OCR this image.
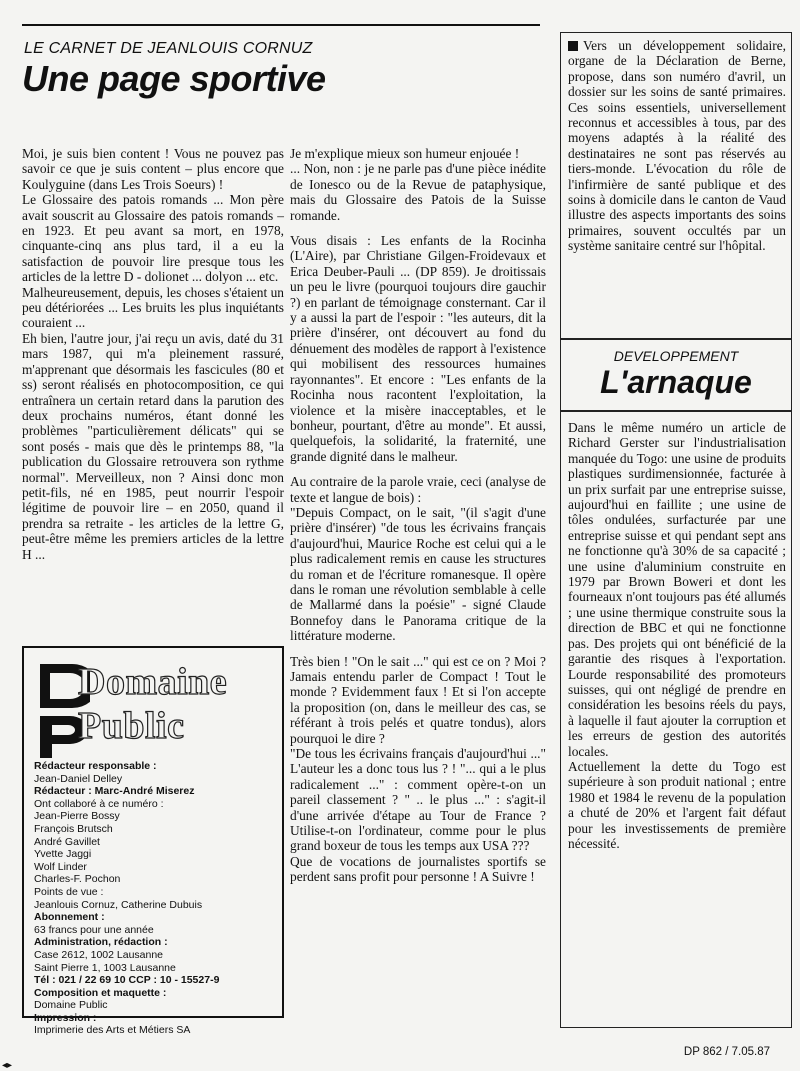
LE CARNET DE JEANLOUIS CORNUZ
Une page sportive

Moi, je suis bien content ! Vous ne pouvez pas savoir ce que je suis content – plus encore que Koulyguine (dans Les Trois Soeurs) !

Le Glossaire des patois romands ... Mon père avait souscrit au Glossaire des patois romands – en 1923. Et peu avant sa mort, en 1978, cinquante-cinq ans plus tard, il a eu la satisfaction de pouvoir lire presque tous les articles de la lettre D - dolionet ... dolyon ... etc.

Malheureusement, depuis, les choses s'étaient un peu détériorées ... Les bruits les plus inquiétants couraient ...

Eh bien, l'autre jour, j'ai reçu un avis, daté du 31 mars 1987, qui m'a pleinement rassuré, m'apprenant que désormais les fascicules (80 et ss) seront réalisés en photocomposition, ce qui entraînera un certain retard dans la parution des deux prochains numéros, étant donné les problèmes "particulièrement délicats" qui se sont posés - mais que dès le printemps 88, "la publication du Glossaire retrouvera son rythme normal". Merveilleux, non ? Ainsi donc mon petit-fils, né en 1985, peut nourrir l'espoir légitime de pouvoir lire – en 2050, quand il prendra sa retraite - les articles de la lettre G, peut-être même les premiers articles de la lettre H ...

Je m'explique mieux son humeur enjouée !

... Non, non : je ne parle pas d'une pièce inédite de Ionesco ou de la Revue de pataphysique, mais du Glossaire des Patois de la Suisse romande.

Vous disais : Les enfants de la Rocinha (L'Aire), par Christiane Gilgen-Froidevaux et Erica Deuber-Pauli ... (DP 859). Je droitissais un peu le livre (pourquoi toujours dire gauchir ?) en parlant de témoignage consternant. Car il y a aussi la part de l'espoir : "les auteurs, dit la prière d'insérer, ont découvert au fond du dénuement des modèles de rapport à l'existence qui mobilisent des ressources humaines rayonnantes". Et encore : "Les enfants de la Rocinha nous racontent l'exploitation, la violence et la misère inacceptables, et le bonheur, pourtant, d'être au monde". Et aussi, quelquefois, la solidarité, la fraternité, une grande dignité dans le malheur.

Au contraire de la parole vraie, ceci (analyse de texte et langue de bois) :

"Depuis Compact, on le sait, "(il s'agit d'une prière d'insérer) "de tous les écrivains français d'aujourd'hui, Maurice Roche est celui qui a le plus radicalement remis en cause les structures du roman et de l'écriture romanesque. Il opère dans le roman une révolution semblable à celle de Mallarmé dans la poésie" - signé Claude Bonnefoy dans le Panorama critique de la littérature moderne.

Très bien ! "On le sait ..." qui est ce on ? Moi ? Jamais entendu parler de Compact ! Tout le monde ? Evidemment faux ! Et si l'on accepte la proposition (on, dans le meilleur des cas, se référant à trois pelés et quatre tondus), alors pourquoi le dire ?

"De tous les écrivains français d'aujourd'hui ..." L'auteur les a donc tous lus ? ! "... qui a le plus radicalement ..." : comment opère-t-on un pareil classement ? " .. le plus ..." : s'agit-il d'une arrivée d'étape au Tour de France ? Utilise-t-on l'ordinateur, comme pour le plus grand boxeur de tous les temps aux USA ???

Que de vocations de journalistes sportifs se perdent sans profit pour personne ! A Suivre !

Domaine
Public
Rédacteur responsable :
Jean-Daniel Delley
Rédacteur : Marc-André Miserez
Ont collaboré à ce numéro :
Jean-Pierre Bossy
François Brutsch
André Gavillet
Yvette Jaggi
Wolf Linder
Charles-F. Pochon
Points de vue :
Jeanlouis Cornuz, Catherine Dubuis
Abonnement :
63 francs pour une année
Administration, rédaction :
Case 2612, 1002 Lausanne
Saint Pierre 1, 1003 Lausanne
Tél : 021 / 22 69 10 CCP : 10 - 15527-9
Composition et maquette :
Domaine Public
Impression :
Imprimerie des Arts et Métiers SA

Vers un développement solidaire, organe de la Déclaration de Berne, propose, dans son numéro d'avril, un dossier sur les soins de santé primaires. Ces soins essentiels, universellement reconnus et accessibles à tous, par des moyens adaptés à la réalité des destinataires ne sont pas réservés au tiers-monde. L'évocation du rôle de l'infirmière de santé publique et des soins à domicile dans le canton de Vaud illustre des aspects importants des soins primaires, souvent occultés par un système sanitaire centré sur l'hôpital.

DEVELOPPEMENT
L'arnaque

Dans le même numéro un article de Richard Gerster sur l'industrialisation manquée du Togo: une usine de produits plastiques surdimensionnée, facturée à un prix surfait par une entreprise suisse, aujourd'hui en faillite ; une usine de tôles ondulées, surfacturée par une entreprise suisse et qui pendant sept ans ne fonctionne qu'à 30% de sa capacité ; une usine d'aluminium construite en 1979 par Brown Boweri et dont les fourneaux n'ont toujours pas été allumés ; une usine thermique construite sous la direction de BBC et qui ne fonctionne pas. Des projets qui ont bénéficié de la garantie des risques à l'exportation. Lourde responsabilité des promoteurs suisses, qui ont négligé de prendre en considération les besoins réels du pays, à laquelle il faut ajouter la corruption et les erreurs de gestion des autorités locales.

Actuellement la dette du Togo est supérieure à son produit national ; entre 1980 et 1984 le revenu de la population a chuté de 20% et l'argent fait défaut pour les investissements de première nécessité.

DP 862 / 7.05.87
◂▸
